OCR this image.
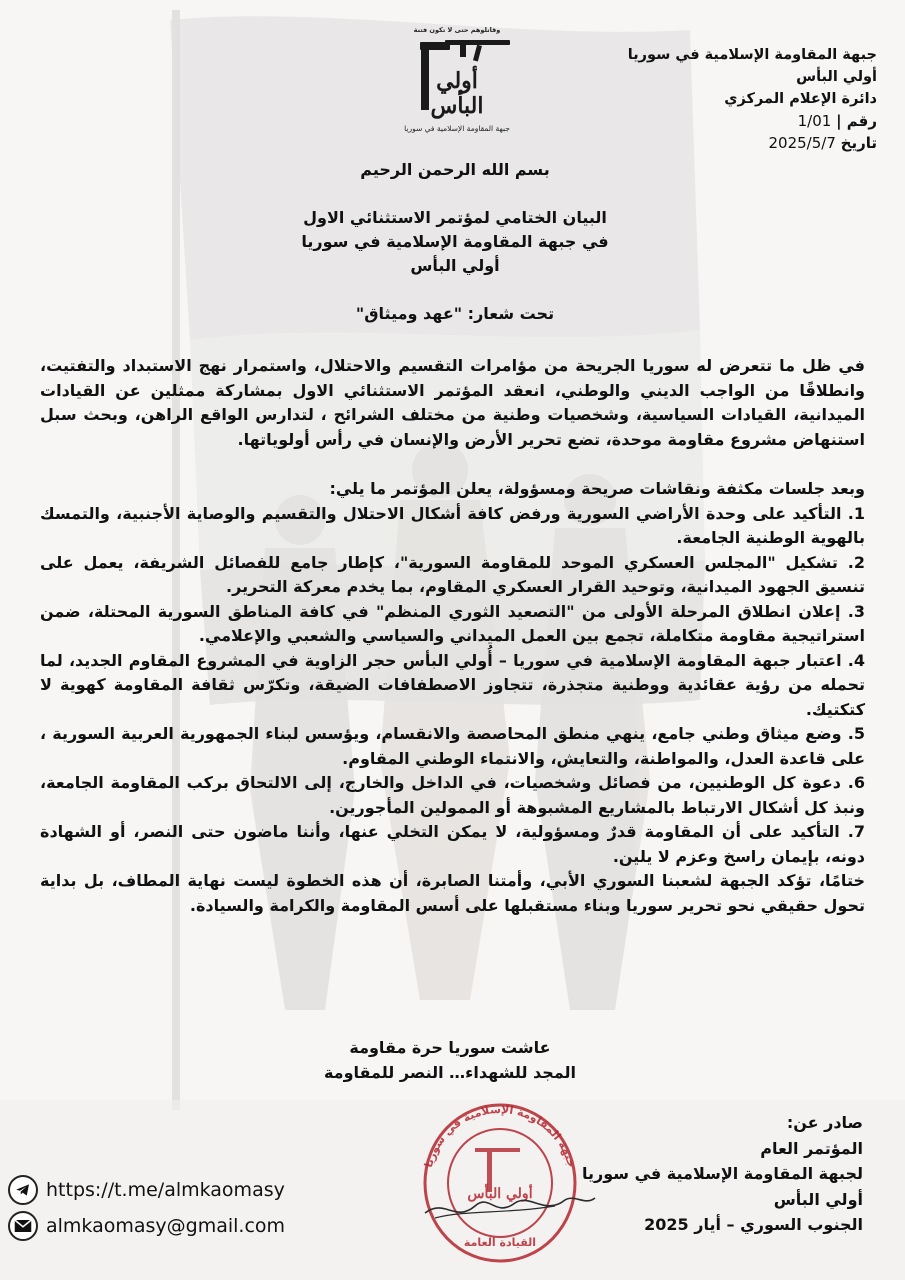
وقاتلوهم حتى لا تكون فتنة
أولي
البأس
جبهة المقاومة الإسلامية في سوريا
جبهة المقاومة الإسلامية في سوريا
أولي البأس
دائرة الإعلام المركزي
رقم | 1/01
تاريخ 2025/5/7
بسم الله الرحمن الرحيم
البيان الختامي لمؤتمر الاستثنائي الاول
في جبهة المقاومة الإسلامية في سوريا
أولي البأس
تحت شعار: "عهد وميثاق"

في ظل ما تتعرض له سوريا الجريحة من مؤامرات التقسيم والاحتلال، واستمرار نهج الاستبداد والتفتيت، وانطلاقًا من الواجب الديني والوطني، انعقد المؤتمر الاستثنائي الاول بمشاركة ممثلين عن القيادات الميدانية، القيادات السياسية، وشخصيات وطنية من مختلف الشرائح ، لتدارس الواقع الراهن، وبحث سبل استنهاض مشروع مقاومة موحدة، تضع تحرير الأرض والإنسان في رأس أولوياتها.

وبعد جلسات مكثفة ونقاشات صريحة ومسؤولة، يعلن المؤتمر ما يلي:

1. التأكيد على وحدة الأراضي السورية ورفض كافة أشكال الاحتلال والتقسيم والوصاية الأجنبية، والتمسك بالهوية الوطنية الجامعة.
2. تشكيل "المجلس العسكري الموحد للمقاومة السورية"، كإطار جامع للفصائل الشريفة، يعمل على تنسيق الجهود الميدانية، وتوحيد القرار العسكري المقاوم، بما يخدم معركة التحرير.
3. إعلان انطلاق المرحلة الأولى من "التصعيد الثوري المنظم" في كافة المناطق السورية المحتلة، ضمن استراتيجية مقاومة متكاملة، تجمع بين العمل الميداني والسياسي والشعبي والإعلامي.
4. اعتبار جبهة المقاومة الإسلامية في سوريا – أُولي البأس حجر الزاوية في المشروع المقاوم الجديد، لما تحمله من رؤية عقائدية ووطنية متجذرة، تتجاوز الاصطفافات الضيقة، وتكرّس ثقافة المقاومة كهوية لا كتكتيك.
5. وضع ميثاق وطني جامع، ينهي منطق المحاصصة والانقسام، ويؤسس لبناء الجمهورية العربية السورية ، على قاعدة العدل، والمواطنة، والتعايش، والانتماء الوطني المقاوم.
6. دعوة كل الوطنيين، من فصائل وشخصيات، في الداخل والخارج، إلى الالتحاق بركب المقاومة الجامعة، ونبذ كل أشكال الارتباط بالمشاريع المشبوهة أو الممولين المأجورين.
7. التأكيد على أن المقاومة قدرٌ ومسؤولية، لا يمكن التخلي عنها، وأننا ماضون حتى النصر، أو الشهادة دونه، بإيمان راسخ وعزم لا يلين.

ختامًا، تؤكد الجبهة لشعبنا السوري الأبي، وأمتنا الصابرة، أن هذه الخطوة ليست نهاية المطاف، بل بداية تحول حقيقي نحو تحرير سوريا وبناء مستقبلها على أسس المقاومة والكرامة والسيادة.

عاشت سوريا حرة مقاومة
المجد للشهداء… النصر للمقاومة
صادر عن:
المؤتمر العام
لجبهة المقاومة الإسلامية في سوريا
أولي البأس
الجنوب السوري – أيار 2025
جبهة المقاومة الإسلامية في سوريا
أولي البأس
القيادة العامة
https://t.me/almkaomasy
almkaomasy@gmail.com
